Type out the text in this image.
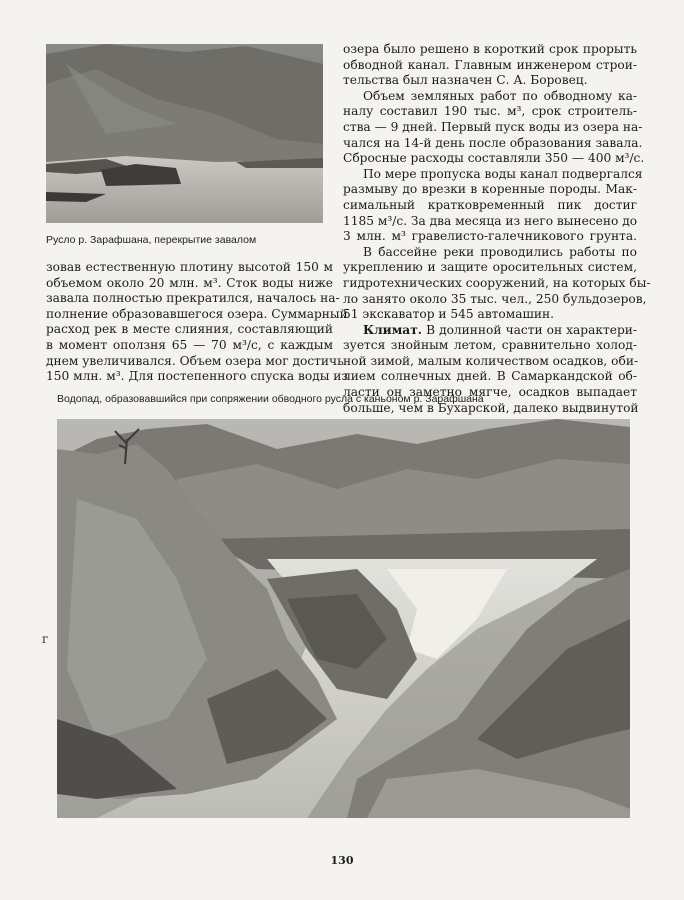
Русло р. Зарафшана, перекрытие завалом

зовав естественную плотину высотой 150 м
объемом около 20 млн. м³. Сток воды ниже
завала полностью прекратился, началось на-
полнение образовавшегося озера. Суммарный
расход рек в месте слияния, составляющий
в момент оползня 65 — 70 м³/с, с каждым
днем увеличивался. Объем озера мог достичь
150 млн. м³. Для постепенного спуска воды из

озера было решено в короткий срок прорыть
обводной канал. Главным инженером строи-
тельства был назначен С. А. Боровец.

Объем земляных работ по обводному ка-
налу составил 190 тыс. м³, срок строитель-
ства — 9 дней. Первый пуск воды из озера на-
чался на 14-й день после образования завала.
Сбросные расходы составляли 350 — 400 м³/с.

По мере пропуска воды канал подвергался
размыву до врезки в коренные породы. Мак-
симальный кратковременный пик достиг
1185 м³/с. За два месяца из него вынесено до
3 млн. м³ гравелисто-галечникового грунта.

В бассейне реки проводились работы по
укреплению и защите оросительных систем,
гидротехнических сооружений, на которых бы-
ло занято около 35 тыс. чел., 250 бульдозеров,
51 экскаватор и 545 автомашин.

Климат. В долинной части он характери-
зуется знойным летом, сравнительно холод-
ной зимой, малым количеством осадков, оби-
лием солнечных дней. В Самаркандской об-
ласти он заметно мягче, осадков выпадает
больше, чем в Бухарской, далеко выдвинутой

Водопад, образовавшийся при сопряжении обводного русла с каньоном р. Зарафшана
г
130
